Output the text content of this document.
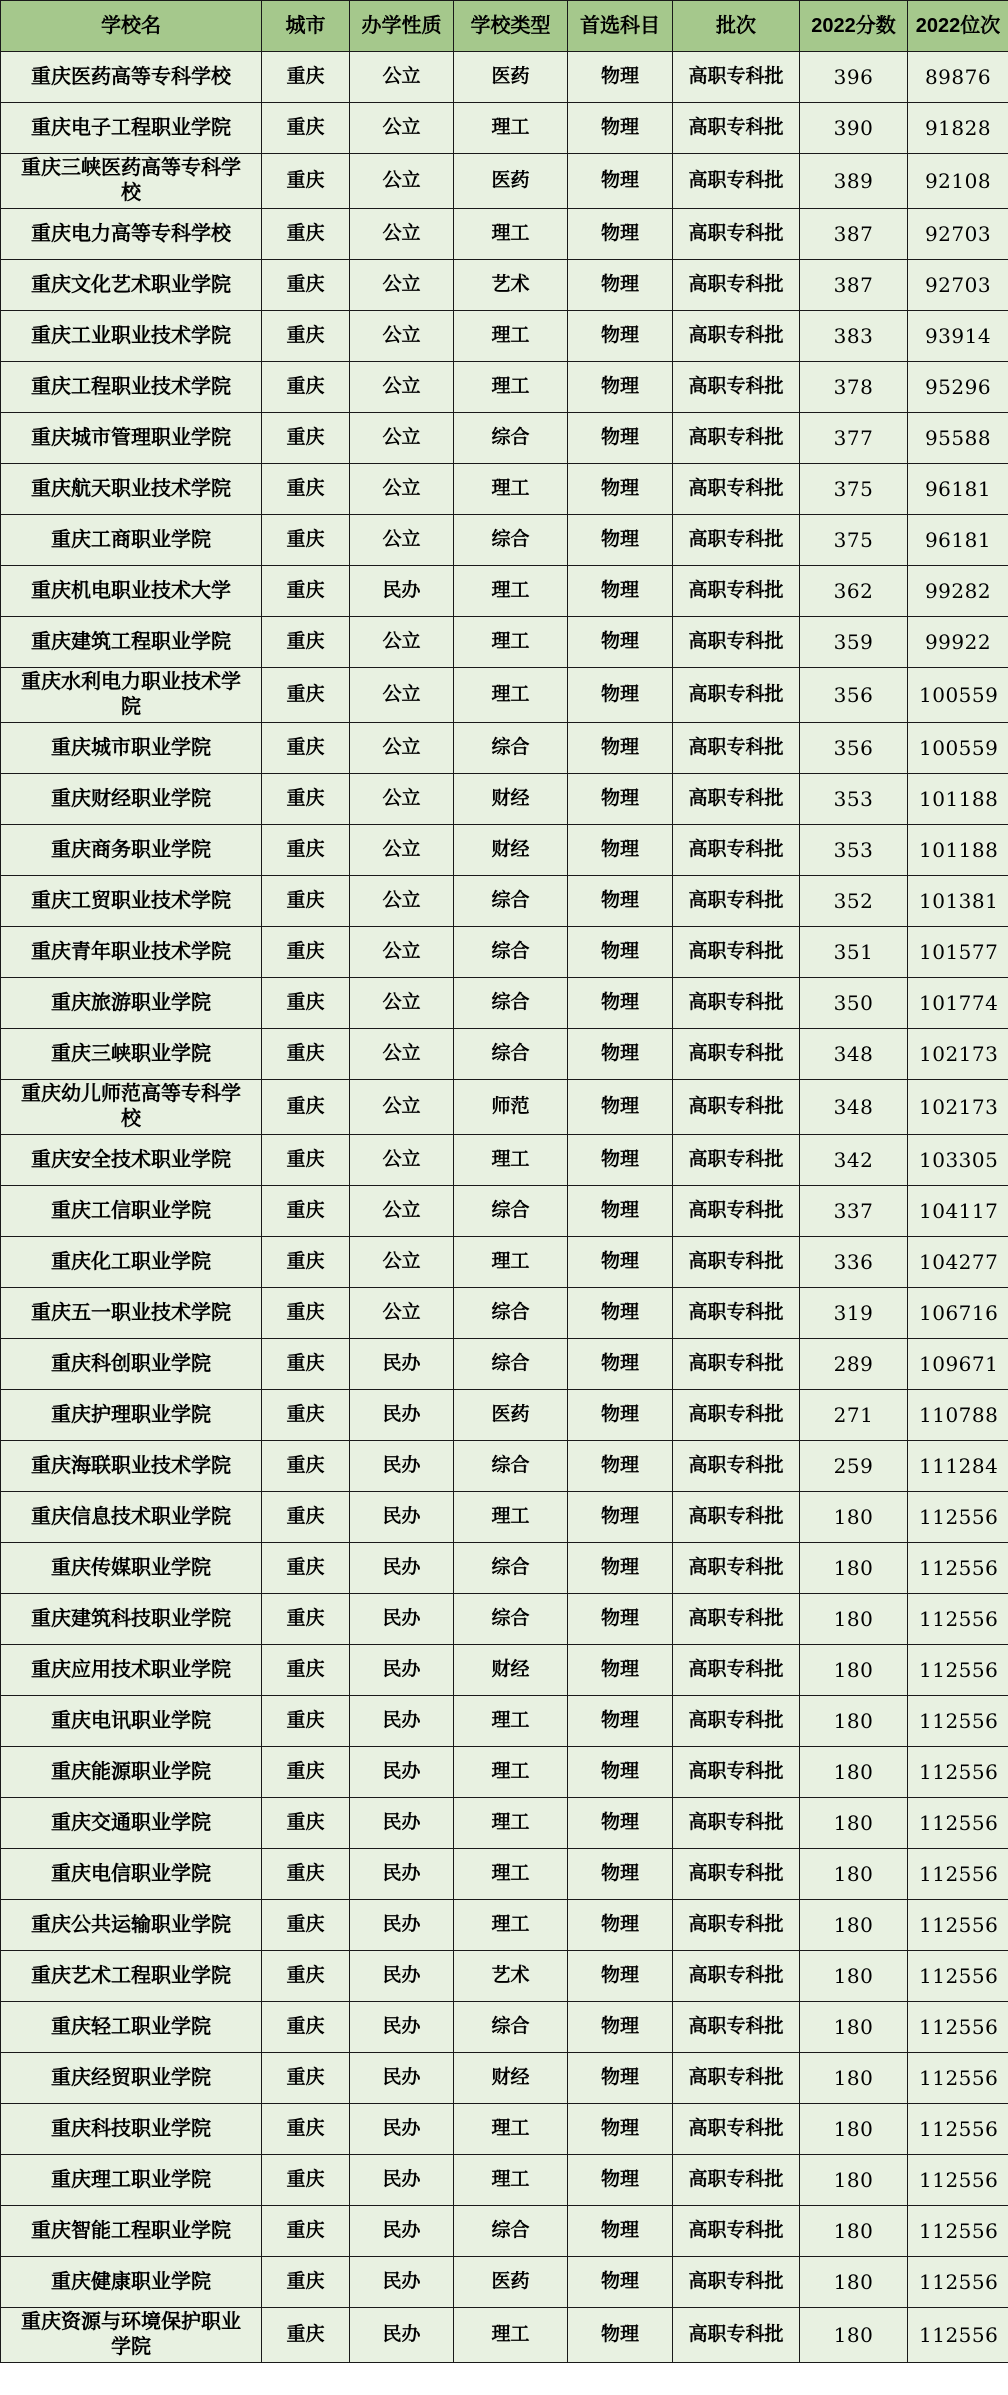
学校名	城市	办学性质	学校类型	首选科目	批次	2022分数	2022位次
重庆医药高等专科学校	重庆	公立	医药	物理	高职专科批	396	89876
重庆电子工程职业学院	重庆	公立	理工	物理	高职专科批	390	91828
重庆三峡医药高等专科学校	重庆	公立	医药	物理	高职专科批	389	92108
重庆电力高等专科学校	重庆	公立	理工	物理	高职专科批	387	92703
重庆文化艺术职业学院	重庆	公立	艺术	物理	高职专科批	387	92703
重庆工业职业技术学院	重庆	公立	理工	物理	高职专科批	383	93914
重庆工程职业技术学院	重庆	公立	理工	物理	高职专科批	378	95296
重庆城市管理职业学院	重庆	公立	综合	物理	高职专科批	377	95588
重庆航天职业技术学院	重庆	公立	理工	物理	高职专科批	375	96181
重庆工商职业学院	重庆	公立	综合	物理	高职专科批	375	96181
重庆机电职业技术大学	重庆	民办	理工	物理	高职专科批	362	99282
重庆建筑工程职业学院	重庆	公立	理工	物理	高职专科批	359	99922
重庆水利电力职业技术学院	重庆	公立	理工	物理	高职专科批	356	100559
重庆城市职业学院	重庆	公立	综合	物理	高职专科批	356	100559
重庆财经职业学院	重庆	公立	财经	物理	高职专科批	353	101188
重庆商务职业学院	重庆	公立	财经	物理	高职专科批	353	101188
重庆工贸职业技术学院	重庆	公立	综合	物理	高职专科批	352	101381
重庆青年职业技术学院	重庆	公立	综合	物理	高职专科批	351	101577
重庆旅游职业学院	重庆	公立	综合	物理	高职专科批	350	101774
重庆三峡职业学院	重庆	公立	综合	物理	高职专科批	348	102173
重庆幼儿师范高等专科学校	重庆	公立	师范	物理	高职专科批	348	102173
重庆安全技术职业学院	重庆	公立	理工	物理	高职专科批	342	103305
重庆工信职业学院	重庆	公立	综合	物理	高职专科批	337	104117
重庆化工职业学院	重庆	公立	理工	物理	高职专科批	336	104277
重庆五一职业技术学院	重庆	公立	综合	物理	高职专科批	319	106716
重庆科创职业学院	重庆	民办	综合	物理	高职专科批	289	109671
重庆护理职业学院	重庆	民办	医药	物理	高职专科批	271	110788
重庆海联职业技术学院	重庆	民办	综合	物理	高职专科批	259	111284
重庆信息技术职业学院	重庆	民办	理工	物理	高职专科批	180	112556
重庆传媒职业学院	重庆	民办	综合	物理	高职专科批	180	112556
重庆建筑科技职业学院	重庆	民办	综合	物理	高职专科批	180	112556
重庆应用技术职业学院	重庆	民办	财经	物理	高职专科批	180	112556
重庆电讯职业学院	重庆	民办	理工	物理	高职专科批	180	112556
重庆能源职业学院	重庆	民办	理工	物理	高职专科批	180	112556
重庆交通职业学院	重庆	民办	理工	物理	高职专科批	180	112556
重庆电信职业学院	重庆	民办	理工	物理	高职专科批	180	112556
重庆公共运输职业学院	重庆	民办	理工	物理	高职专科批	180	112556
重庆艺术工程职业学院	重庆	民办	艺术	物理	高职专科批	180	112556
重庆轻工职业学院	重庆	民办	综合	物理	高职专科批	180	112556
重庆经贸职业学院	重庆	民办	财经	物理	高职专科批	180	112556
重庆科技职业学院	重庆	民办	理工	物理	高职专科批	180	112556
重庆理工职业学院	重庆	民办	理工	物理	高职专科批	180	112556
重庆智能工程职业学院	重庆	民办	综合	物理	高职专科批	180	112556
重庆健康职业学院	重庆	民办	医药	物理	高职专科批	180	112556
重庆资源与环境保护职业学院	重庆	民办	理工	物理	高职专科批	180	112556
